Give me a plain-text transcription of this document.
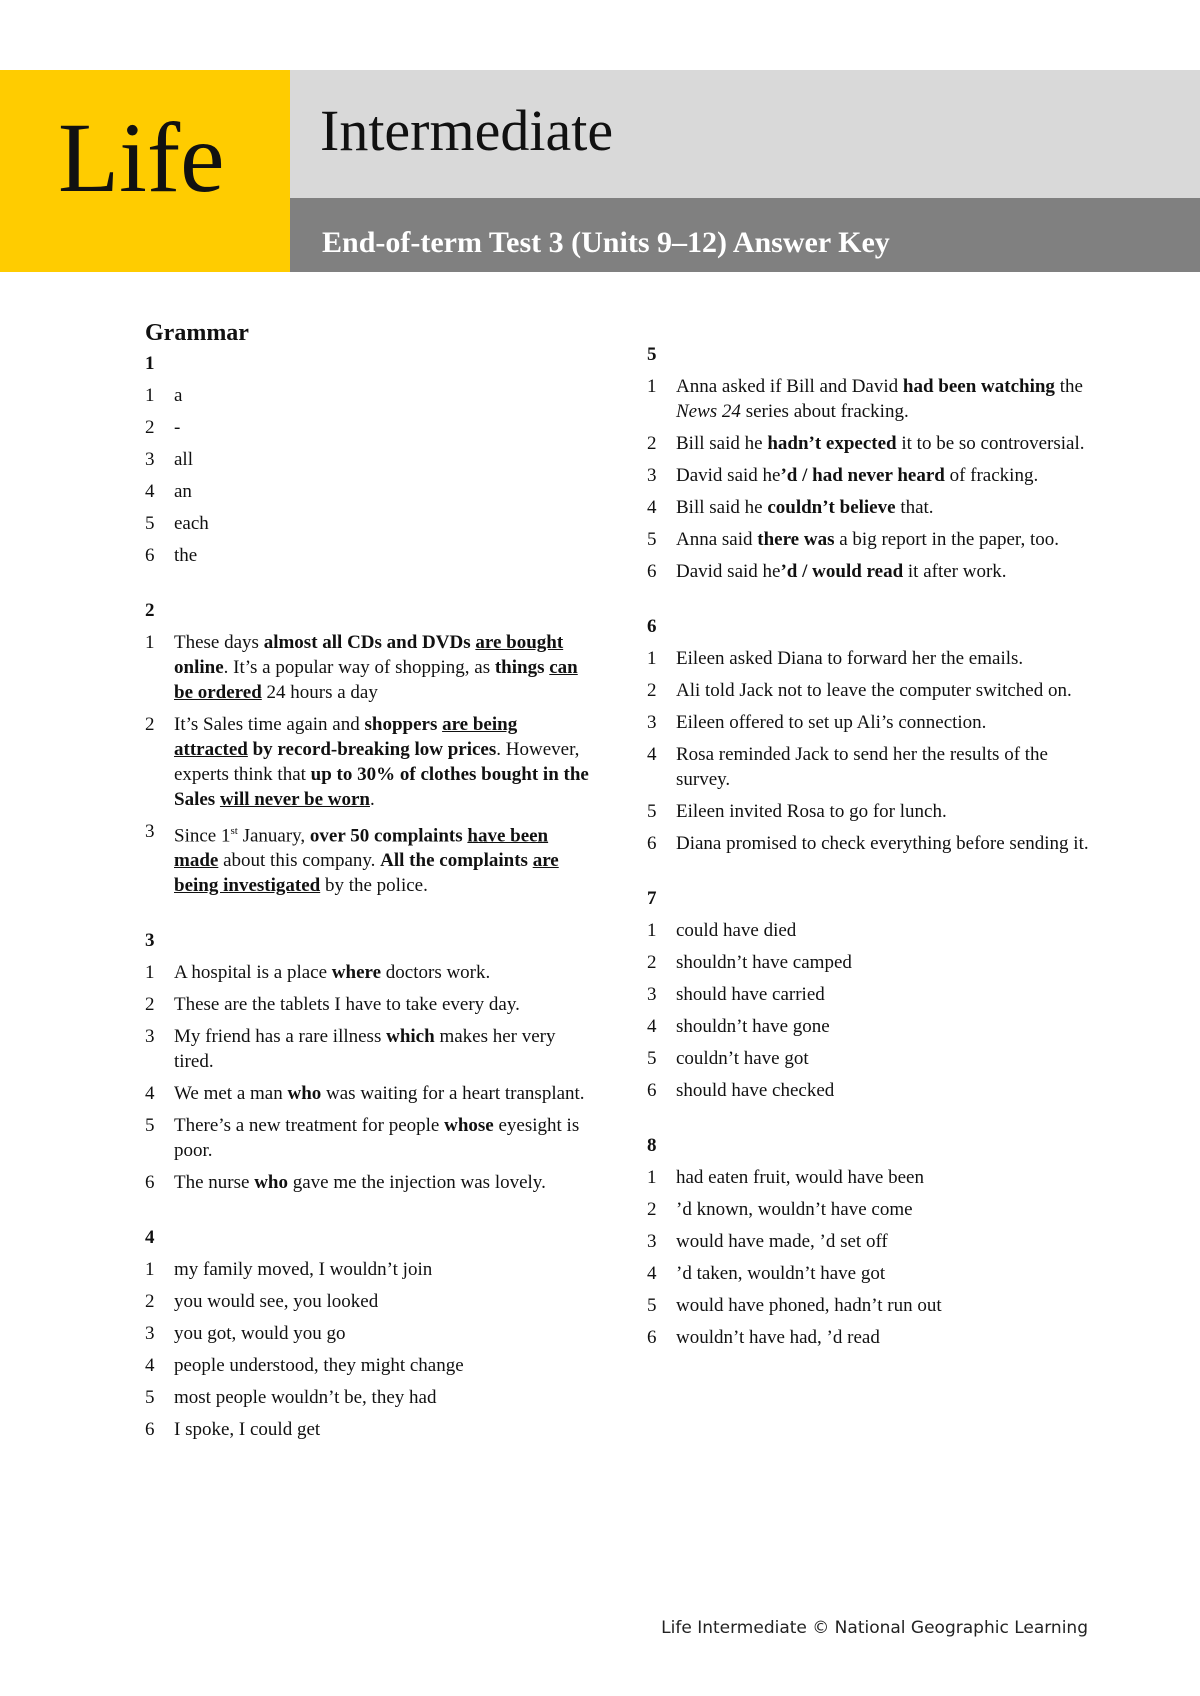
Life Intermediate
End-of-term Test 3 (Units 9–12) Answer Key
Grammar
1
1	a
2	-
3	all
4	an
5	each
6	the
2
1	These days almost all CDs and DVDs are bought online. It’s a popular way of shopping, as things can be ordered 24 hours a day
2	It’s Sales time again and shoppers are being attracted by record-breaking low prices. However, experts think that up to 30% of clothes bought in the Sales will never be worn.
3	Since 1st January, over 50 complaints have been made about this company. All the complaints are being investigated by the police.
3
1	A hospital is a place where doctors work.
2	These are the tablets I have to take every day.
3	My friend has a rare illness which makes her very tired.
4	We met a man who was waiting for a heart transplant.
5	There’s a new treatment for people whose eyesight is poor.
6	The nurse who gave me the injection was lovely.
4
1	my family moved, I wouldn’t join
2	you would see, you looked
3	you got, would you go
4	people understood, they might change
5	most people wouldn’t be, they had
6	I spoke, I could get
5
1	Anna asked if Bill and David had been watching the News 24 series about fracking.
2	Bill said he hadn’t expected it to be so controversial.
3	David said he’d / had never heard of fracking.
4	Bill said he couldn’t believe that.
5	Anna said there was a big report in the paper, too.
6	David said he’d / would read it after work.
6
1	Eileen asked Diana to forward her the emails.
2	Ali told Jack not to leave the computer switched on.
3	Eileen offered to set up Ali’s connection.
4	Rosa reminded Jack to send her the results of the survey.
5	Eileen invited Rosa to go for lunch.
6	Diana promised to check everything before sending it.
7
1	could have died
2	shouldn’t have camped
3	should have carried
4	shouldn’t have gone
5	couldn’t have got
6	should have checked
8
1	had eaten fruit, would have been
2	’d known, wouldn’t have come
3	would have made, ’d set off
4	’d taken, wouldn’t have got
5	would have phoned, hadn’t run out
6	wouldn’t have had, ’d read
Life Intermediate © National Geographic Learning
